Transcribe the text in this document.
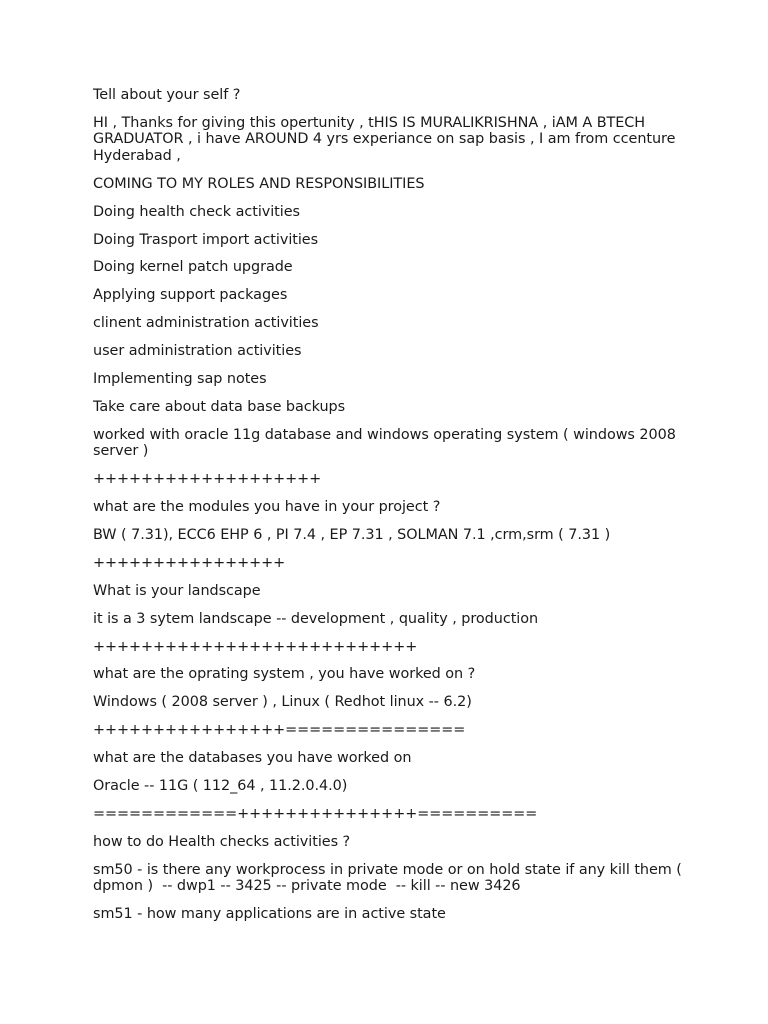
Tell about your self ?

HI , Thanks for giving this opertunity , tHIS IS MURALIKRISHNA , iAM A BTECH GRADUATOR , i have AROUND 4 yrs experiance on sap basis , I am from ccenture Hyderabad ,

COMING TO MY ROLES AND RESPONSIBILITIES

Doing health check activities

Doing Trasport import activities

Doing kernel patch upgrade

Applying support packages

clinent administration activities

user administration activities

Implementing sap notes

Take care about data base backups

worked with oracle 11g database and windows operating system ( windows 2008 server )

+++++++++++++++++++

what are the modules you have in your project ?

BW ( 7.31), ECC6 EHP 6 , PI 7.4 , EP 7.31 , SOLMAN 7.1 ,crm,srm ( 7.31 )

++++++++++++++++

What is your landscape

it is a 3 sytem landscape -- development , quality , production

+++++++++++++++++++++++++++

what are the oprating system , you have worked on ?

Windows ( 2008 server ) , Linux ( Redhot linux -- 6.2)

++++++++++++++++===============

what are the databases you have worked on

Oracle -- 11G ( 112_64 , 11.2.0.4.0)

============+++++++++++++++==========

how to do Health checks activities ?

sm50 - is there any workprocess in private mode or on hold state if any kill them ( dpmon )  -- dwp1 -- 3425 -- private mode  -- kill -- new 3426

sm51 - how many applications are in active state
